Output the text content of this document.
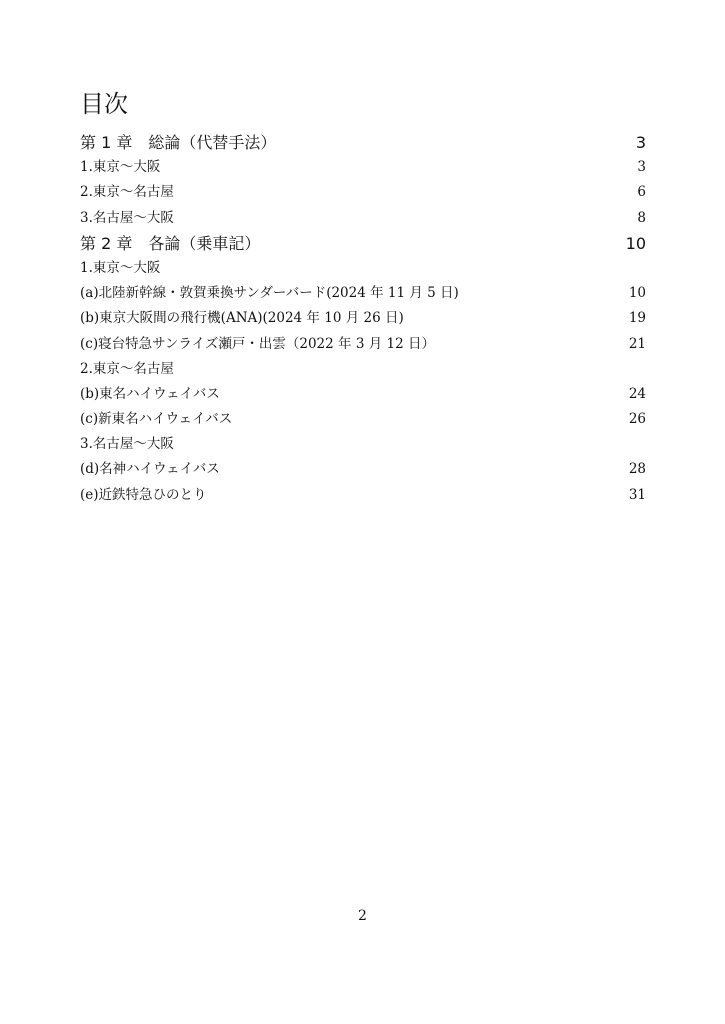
目次
第 1 章　総論（代替手法）	3
1.東京～大阪	3
2.東京～名古屋	6
3.名古屋～大阪	8
第 2 章　各論（乗車記）	10
1.東京～大阪
(a)北陸新幹線・敦賀乗換サンダーバード(2024 年 11 月 5 日)	10
(b)東京大阪間の飛行機(ANA)(2024 年 10 月 26 日)	19
(c)寝台特急サンライズ瀬戸・出雲（2022 年 3 月 12 日）	21
2.東京～名古屋
(b)東名ハイウェイバス	24
(c)新東名ハイウェイバス	26
3.名古屋～大阪
(d)名神ハイウェイバス	28
(e)近鉄特急ひのとり	31
2
